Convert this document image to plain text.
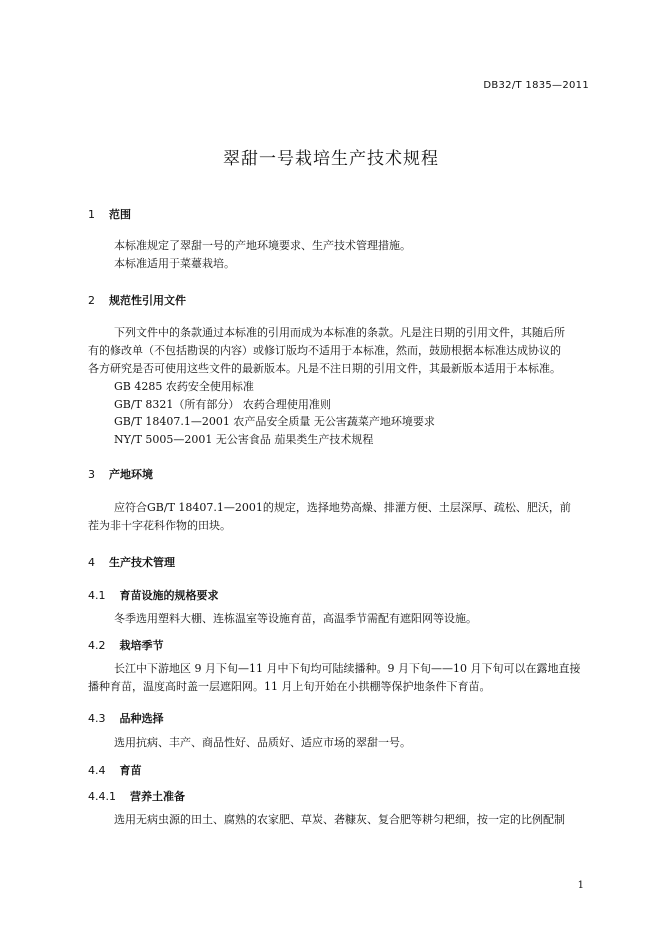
DB32/T 1835—2011
翠甜一号栽培生产技术规程
1 范围
本标准规定了翠甜一号的产地环境要求、生产技术管理措施。
本标准适用于菜薹栽培。
2 规范性引用文件
下列文件中的条款通过本标准的引用而成为本标准的条款。凡是注日期的引用文件，其随后所
有的修改单（不包括勘误的内容）或修订版均不适用于本标准，然而，鼓励根据本标准达成协议的
各方研究是否可使用这些文件的最新版本。凡是不注日期的引用文件，其最新版本适用于本标准。
GB 4285 农药安全使用标准
GB/T 8321（所有部分） 农药合理使用准则
GB/T 18407.1—2001 农产品安全质量 无公害蔬菜产地环境要求
NY/T 5005—2001 无公害食品 茄果类生产技术规程
3 产地环境
应符合GB/T 18407.1—2001的规定，选择地势高燥、排灌方便、土层深厚、疏松、肥沃，前
茬为非十字花科作物的田块。
4 生产技术管理
4.1 育苗设施的规格要求
冬季选用塑料大棚、连栋温室等设施育苗，高温季节需配有遮阳网等设施。
4.2 栽培季节
长江中下游地区 9 月下旬—11 月中下旬均可陆续播种。9 月下旬——10 月下旬可以在露地直接
播种育苗，温度高时盖一层遮阳网。11 月上旬开始在小拱棚等保护地条件下育苗。
4.3 品种选择
选用抗病、丰产、商品性好、品质好、适应市场的翠甜一号。
4.4 育苗
4.4.1 营养土准备
选用无病虫源的田土、腐熟的农家肥、草炭、砻糠灰、复合肥等耕匀耙细，按一定的比例配制
1
